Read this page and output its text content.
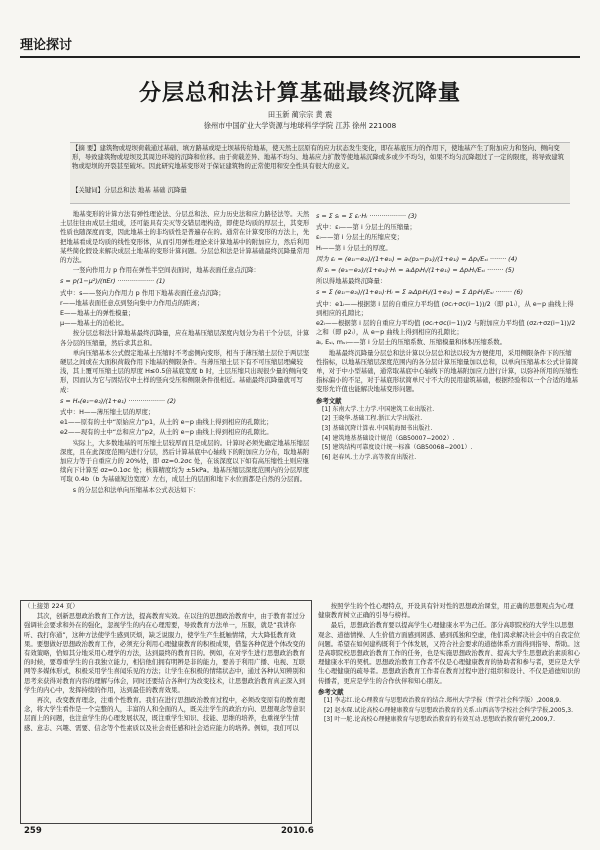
理论探讨
分层总和法计算基础最终沉降量
田玉新 蔺宗宗 黄 震
徐州市中国矿业大学资源与地球科学学院 江苏 徐州 221008
【摘 要】建筑物或堤坝荷载通过基础、填方路基或堤土坝基传给地基，使天然土层原有的应力状态发生变化，即在基底压力的作用下，使地基产生了附加应力和竖向、侧向变形，导致建筑物或堤坝及其周边环境的沉降和位移。由于荷载差异、地基不均匀、地基应力扩散等使地基沉降或多或少不均匀，如果不均匀沉降超过了一定的限度，将导致建筑物或堤坝的开裂甚至破坏。因此研究地基变形对于保证建筑物的正常使用和安全性具有很大的意义。
【关键词】分层总和法 地基 基础 沉降量

地基变形的计算方法有弹性理论法、分层总和法、应力历史法和应力路径法等。天然土层往往由成层土组成，还可能具有尖灭等交错层理构造，即使是均质的厚层土，其变形性质也随深度而变，因此地基土的非均质性是普遍存在的。通常在计算变形的方法上，先把地基看成是均质的线性变形体，从而引用弹性理论来计算地基中的附加应力，然后利用某些简化假设来解决成层土地基的变形计算问题。分层总和法是计算基础最终沉降量常用的方法。

一竖向作用力 p 作用在弹性半空间表面时，地基表面任意点沉降：

s = p(1−μ²)/(πEr) ·················· (1)

式中：s——竖向力作用力 p 作用下地基表面任意点沉降；

r——地基表面任意点到竖向集中力作用点的距离；

E——地基土的弹性模量；

μ——地基土的泊松比。

按分层总和法计算地基最终沉降量，应在地基压缩层深度内划分为若干个分层，计算各分层的压缩量，然后求其总和。

单向压缩基本公式假定地基土压缩时不考虑侧向变形，相当于薄压缩土层位于两层坚硬层之间或在大面积荷载作用下地基的侧限条件。当薄压缩土层下有不可压缩层埋藏较浅，其上覆可压缩土层的厚度 H≤0.5倍基底宽度 b 时，土层压缩只出现很少量的侧向变形，因而认为它与固结仪中土样的竖向受压和侧限条件很相近。基础最终沉降量就可写成：

s = Hₛ(e₁−e₂)/(1+e₁) ·················· (2)

式中：H——薄压缩土层的厚度；

e1——原有的土中“原始应力”p1，从土的 e−p 曲线上得到相应的孔隙比；

e2——现有的土中“总和应力”p2，从土的 e−p 曲线上得到相应的孔隙比。

实际上，大多数地基的可压缩土层较厚而且是成层的。计算时必须先确定地基压缩层深度，且在此深度范围内进行分层，然后计算基底中心轴线下的附加应力分布，取地基附加应力等于自重应力的 20%处，即 σz=0.2σc 处，在该深度以下如有高压缩性土则应继续向下计算至 σz=0.1σc 处；核算精度均为 ±5kPa。地基压缩层深度范围内的分层厚度可取 0.4b（b 为基础短边宽度）左右，成层土的层面和地下水位面都是自然的分层面。

s 的分层总和法单向压缩基本公式表达如下：

s = Σ sᵢ = Σ εᵢ·Hᵢ ·················· (3)

式中：εᵢ——第 i 分层土的压缩量；

εᵢ——第 i 分层土的压缩应变；

Hᵢ——第 i 分层土的厚度。

因为 εᵢ = (e₁ᵢ−e₂ᵢ)/(1+e₁ᵢ) = aᵢ(p₂ᵢ−p₁ᵢ)/(1+e₁ᵢ) = Δpᵢ/Eₛᵢ ········ (4)
和 sᵢ = (e₁ᵢ−e₂ᵢ)/(1+e₁ᵢ)·Hᵢ = aᵢΔpᵢHᵢ/(1+e₁ᵢ) = ΔpᵢHᵢ/Eₛᵢ ········ (5)

所以得地基最终沉降量：

s = Σ (e₁ᵢ−e₂ᵢ)/(1+e₁ᵢ)·Hᵢ = Σ aᵢΔpᵢHᵢ/(1+e₁ᵢ) = Σ ΔpᵢHᵢ/Eₛᵢ ········ (6)

式中：e1ᵢ——根据第 i 层的自重应力平均值 (σcᵢ+σc(i−1))/2（即 p1ᵢ），从 e−p 曲线上得到相应的孔隙比；

e2ᵢ——根据第 i 层的自重应力平均值 (σcᵢ+σc(i−1))/2 与附加应力平均值 (σzᵢ+σz(i−1))/2 之和（即 p2ᵢ），从 e−p 曲线上得到相应的孔隙比；

aᵢ, Eₛᵢ, mᵥᵢ——第 i 分层土的压缩系数、压缩模量和体积压缩系数。

地基最终沉降量分层总和法计算以分层总和法以较为方便使用，采用侧限条件下的压缩性指标，以地基压缩层深度范围内的各分层计算压缩量加以总和，以单向压缩基本公式计算简单，对于中小型基础，通常取基底中心轴线下的地基附加应力进行计算，以弥补所用的压缩性指标偏小的不足，对于基底形状简单尺寸不大的民用建筑基础，根据经验和以一个合适的地基变形允许值也能解决地基变形问题。

参考文献

[1] 东南大学.土力学.中国建筑工业出版社.

[2] 王晓华.基础工程.浙江大学出版社.

[3] 基础沉降计算表.中国航海图书出版社.

[4] 建筑地基基础设计规范（GB50007−2002）.

[5] 建筑结构可靠度设计统一标准（GB50068−2001）.

[6] 赵春风.土力学.高等教育出版社.

（上接第 224 页）

其次，创新思想政治教育工作方法，提高教育实效。在以往的思想政治教育中，由于教育者过分强调社会要求和外在的强化，忽视学生的内在心理需要，导致教育方法单一，压服，就是“我讲你听、我打你通”，这种方法使学生感到厌烦，缺乏说服力，使学生产生抵触情绪，大大降低教育效果。要想做好思想政治教育工作，必须充分利用心理健康教育的积极成果，借鉴各种促进个体改变的有效策略，恰如其分地采用心理学的方法，达到最终的教育目的。例如，在对学生进行思想政治教育的时候，要尊重学生的自我独立能力，相信他们拥有明辨是非的能力，要善于利用广播、电视、互联网等多媒体形式，积极采用学生喜闻乐见的方法；让学生在积极的情绪状态中，通过各种认知辨别和思考来获得对教育内容的理解与体会，同时还要结合各种行为改变技术，让思想政治教育真正深入到学生的内心中，发挥持续的作用，达到最佳的教育效果。

再次，改变教育理念，注重个性教育。我们在进行思想政治教育过程中，必须改变原有的教育理念，将大学生看作是一个完整的人，丰富的人和全面的人，既关注学生的政治方向、思想观念等意识层面上的问题，也注意学生的心理发展状况，既注重学生知识、技能、思维的培养，也重视学生情感、意志、兴趣、需要、信念等个性素质以及社会责任感和社会适应能力的培养。例如，我们可以

按照学生的个性心理特点，开设具有针对性的思想政治课堂，用正确的思想观点为心理健康教育树立正确的引导与榜样。

最后，思想政治教育要以提高学生心理健康水平为己任。部分高职院校的大学生以思想观念、道德情操、人生价值方面感到困惑、感到孤独和空虚，他们渴求解决社会中的自我定位问题。希望在如何建构既利于个体发展，又符合社会要求的道德体系方面得到指导、帮助。这是高职院校思想政治教育工作的任务，也是实施思想政治教育、提高大学生思想政治素质和心理健康水平的契机。思想政治教育工作者不仅是心理健康教育的协助者和参与者，更应是大学生心理健康的疏导者。思想政治教育工作者在教育过程中进行组织和设计、不仅是道德知识的传播者，更应是学生的合作伙伴和知心朋友。

参考文献

[1] 李志红.论心理教育与思想政治教育的结合.郑州大学学报（哲学社会科学版）,2008,9.

[2] 赵水琛.试论高校心理健康教育与思想政治教育的关系.山西高等学校社会科学学报,2005,3.

[3] 叶一舵.论高校心理健康教育与思想政治教育的有效互动.思想政治教育研究,2009,7.

259	2010.6
